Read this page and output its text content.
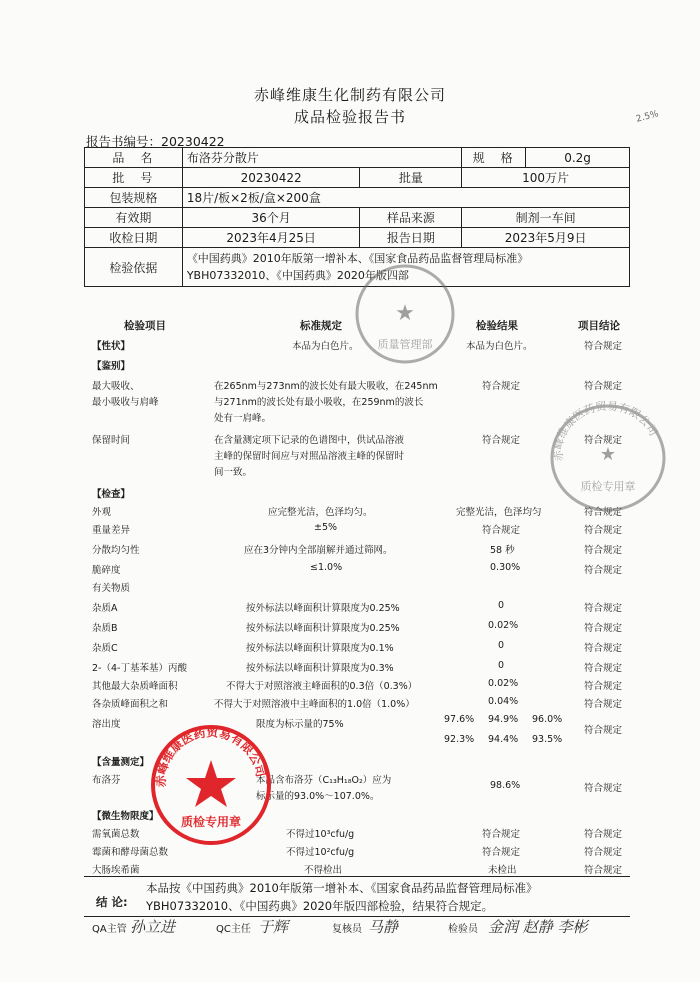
赤峰维康生化制药有限公司
成品检验报告书	2.5%
报告书编号：20230422
品　名	布洛芬分散片		规　格	0.2g
批　号	20230422	批量	100万片	
包装规格	18片/板×2板/盒×200盒			
有效期	36个月	样品来源	制剂一车间	
收检日期	2023年4月25日	报告日期	2023年5月9日	
检验依据	《中国药典》2010年版第一增补本、《国家食品药品监督管理局标准》
YBH07332010、《中国药典》2020年版四部			
检验项目	标准规定	检验结果	项目结论
【性状】	本品为白色片。	本品为白色片。	符合规定
【鉴别】
最大吸收、
最小吸收与肩峰
在265nm与273nm的波长处有最大吸收，在245nm
与271nm的波长处有最小吸收，在259nm的波长
处有一肩峰。
符合规定	符合规定
保留时间	在含量测定项下记录的色谱图中，供试品溶液
主峰的保留时间应与对照品溶液主峰的保留时
间一致。
符合规定	符合规定
【检查】
外观	应完整光洁，色泽均匀。	完整光洁，色泽均匀	符合规定
重量差异	±5%	符合规定	符合规定
分散均匀性	应在3分钟内全部崩解并通过筛网。	58 秒	符合规定
脆碎度	≤1.0%	0.30%	符合规定
有关物质
杂质A	按外标法以峰面积计算限度为0.25%	0	符合规定
杂质B	按外标法以峰面积计算限度为0.25%	0.02%	符合规定
杂质C	按外标法以峰面积计算限度为0.1%	0	符合规定
2-（4-丁基苯基）丙酸	按外标法以峰面积计算限度为0.3%	0	符合规定
其他最大杂质峰面积	不得大于对照溶液主峰面积的0.3倍（0.3%）	0.02%	符合规定
各杂质峰面积之和	不得大于对照溶液中主峰面积的1.0倍（1.0%）	0.04%	符合规定
溶出度	限度为标示量的75%	97.6% 94.9% 96.0%
92.3% 94.4% 93.5%
符合规定
【含量测定】
布洛芬	本品含布洛芬（C₁₃H₁₈O₂）应为
标示量的93.0%～107.0%。
98.6%	符合规定
【微生物限度】
需氧菌总数	不得过10³cfu/g	符合规定	符合规定
霉菌和酵母菌总数	不得过10²cfu/g	符合规定	符合规定
大肠埃希菌	不得检出	未检出	符合规定
结 论:
本品按《中国药典》2010年版第一增补本、《国家食品药品监督管理局标准》
YBH07332010、《中国药典》2020年版四部检验，结果符合规定。
QA主管 孙立进	QC主任 于辉	复核员 马静	检验员 金润 赵静 李彬
赤峰维康医药贸易有限公司
★
质检专用章
★
质量管理部
赤峰维康医药贸易有限公司
质检专用章
